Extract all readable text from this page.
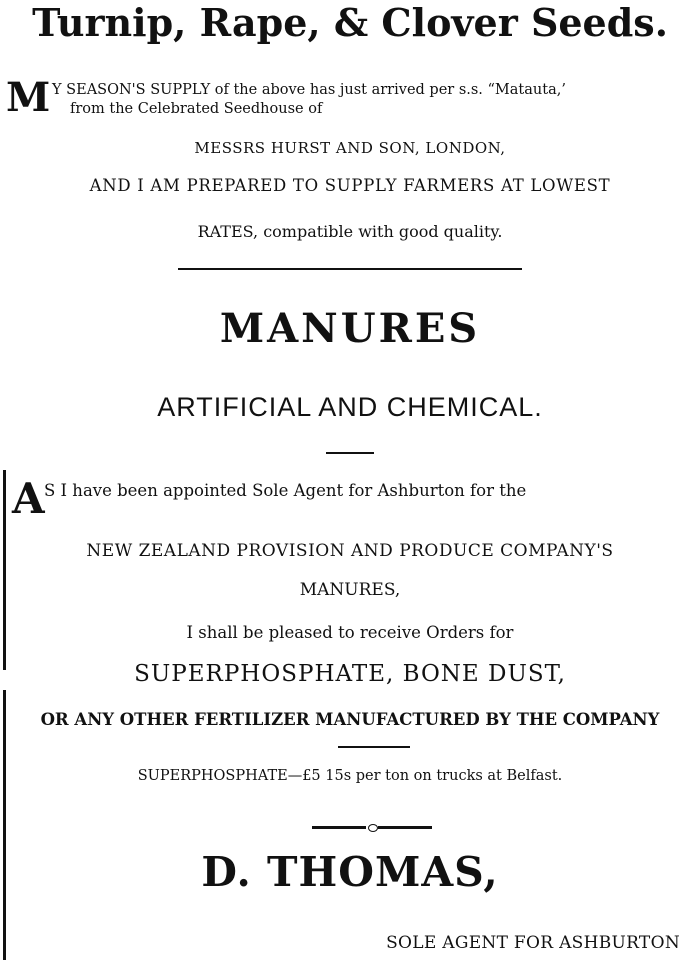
Turnip, Rape, & Clover Seeds.
M Y SEASON'S SUPPLY of the above has just arrived per s.s. “Matauta,’
from the Celebrated Seedhouse of
MESSRS HURST AND SON, LONDON,
AND I AM PREPARED TO SUPPLY FARMERS AT LOWEST
RATES, compatible with good quality.
MANURES
ARTIFICIAL AND CHEMICAL.
A S I have been appointed Sole Agent for Ashburton for the
NEW ZEALAND PROVISION AND PRODUCE COMPANY'S
MANURES,
I shall be pleased to receive Orders for
SUPERPHOSPHATE, BONE DUST,
OR ANY OTHER FERTILIZER MANUFACTURED BY THE COMPANY
SUPERPHOSPHATE—£5 15s per ton on trucks at Belfast.
D. THOMAS,
SOLE AGENT FOR ASHBURTON
